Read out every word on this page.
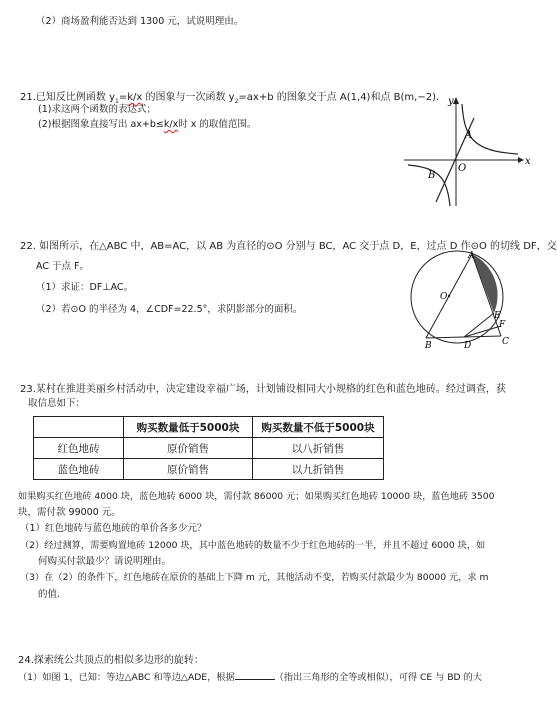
（2）商场盈利能否达到 1300 元，试说明理由。
21.已知反比例函数 $y_1=k/x$ 的图象与一次函数 $y_2=ax+b$ 的图象交于点 A(1,4)和点 B(m,−2).
(1)求这两个函数的表达式；
(2)根据图象直接写出 ax+b≤k/x时 x 的取值范围。
y
x
A
O
B
22. 如图所示，在△ABC 中，AB=AC，以 AB 为直径的⊙O 分别与 BC，AC 交于点 D，E，过点 D 作⊙O 的切线 DF，交
AC 于点 F。
（1）求证：DF⊥AC。
（2）若⊙O 的半径为 4，∠CDF=22.5°，求阴影部分的面积。
A
O
E
F
B	D	C
23.某村在推进美丽乡村活动中，决定建设幸福广场，计划铺设相同大小规格的红色和蓝色地砖。经过调查，获
取信息如下：
	购买数量低于5000块	购买数量不低于5000块
红色地砖	原价销售	以八折销售
蓝色地砖	原价销售	以九折销售
如果购买红色地砖 4000 块，蓝色地砖 6000 块，需付款 86000 元；如果购买红色地砖 10000 块，蓝色地砖 3500
块，需付款 99000 元。
（1）红色地砖与蓝色地砖的单价各多少元？
（2）经过测算，需要购置地砖 12000 块，其中蓝色地砖的数量不少于红色地砖的一半，并且不超过 6000 块，如
何购买付款最少？请说明理由。
（3）在（2）的条件下，红色地砖在原价的基础上下降 m 元，其他活动不变，若购买付款最少为 80000 元，求 m
的值.
24.探索统公共顶点的相似多边形的旋转：
（1）如图 1，已知：等边△ABC 和等边△ADE，根据	（指出三角形的全等或相似），可得 CE 与 BD 的大
